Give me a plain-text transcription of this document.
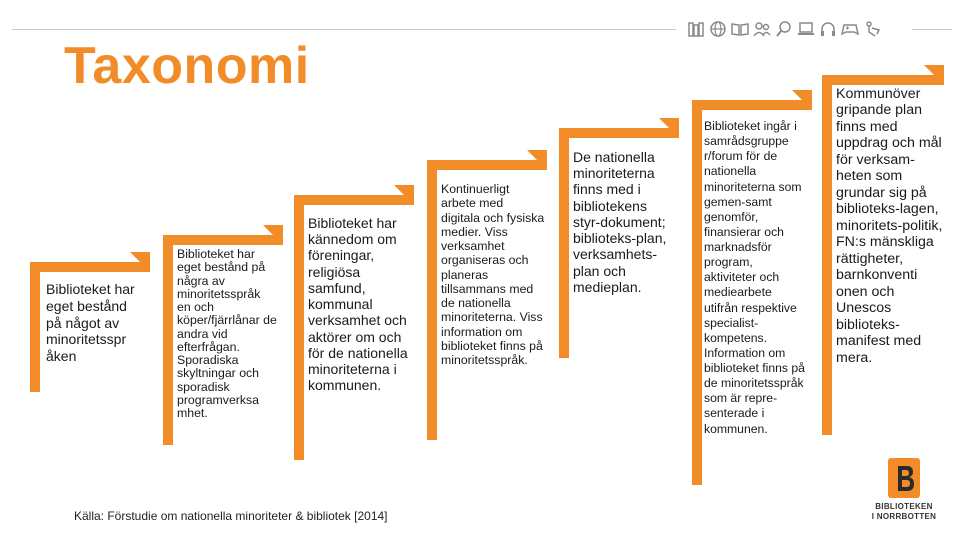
Taxonomi
Biblioteket har eget bestånd på något av minoritetsspr åken
Biblioteket har eget bestånd på några av minoritetsspråk en och köper/fjärrlånar de andra vid efterfrågan. Sporadiska skyltningar och sporadisk programverksa mhet.
Biblioteket har kännedom om föreningar, religiösa samfund, kommunal verksamhet och aktörer om och för de nationella minoriteterna i kommunen.
Kontinuerligt arbete med digitala och fysiska medier. Viss verksamhet organiseras och planeras tillsammans med de nationella minoriteterna. Viss information om biblioteket finns på minoritetsspråk.
De nationella minoriteterna finns med i bibliotekens styr-dokument; biblioteks-plan, verksamhets-plan och medieplan.
Biblioteket ingår i samrådsgruppe r/forum för de nationella minoriteterna som gemen-samt genomför, finansierar och marknadsför program, aktiviteter och mediearbete utifrån respektive specialist-kompetens. Information om biblioteket finns på de minoritetsspråk som är repre-senterade i kommunen.
Kommunöver gripande plan finns med uppdrag och mål för verksam-heten som grundar sig på biblioteks-lagen, minoritets-politik, FN:s mänskliga rättigheter, barnkonventi onen och Unescos biblioteks-manifest med mera.
Källa: Förstudie om nationella minoriteter & bibliotek [2014]
BIBLIOTEKEN
I NORRBOTTEN
